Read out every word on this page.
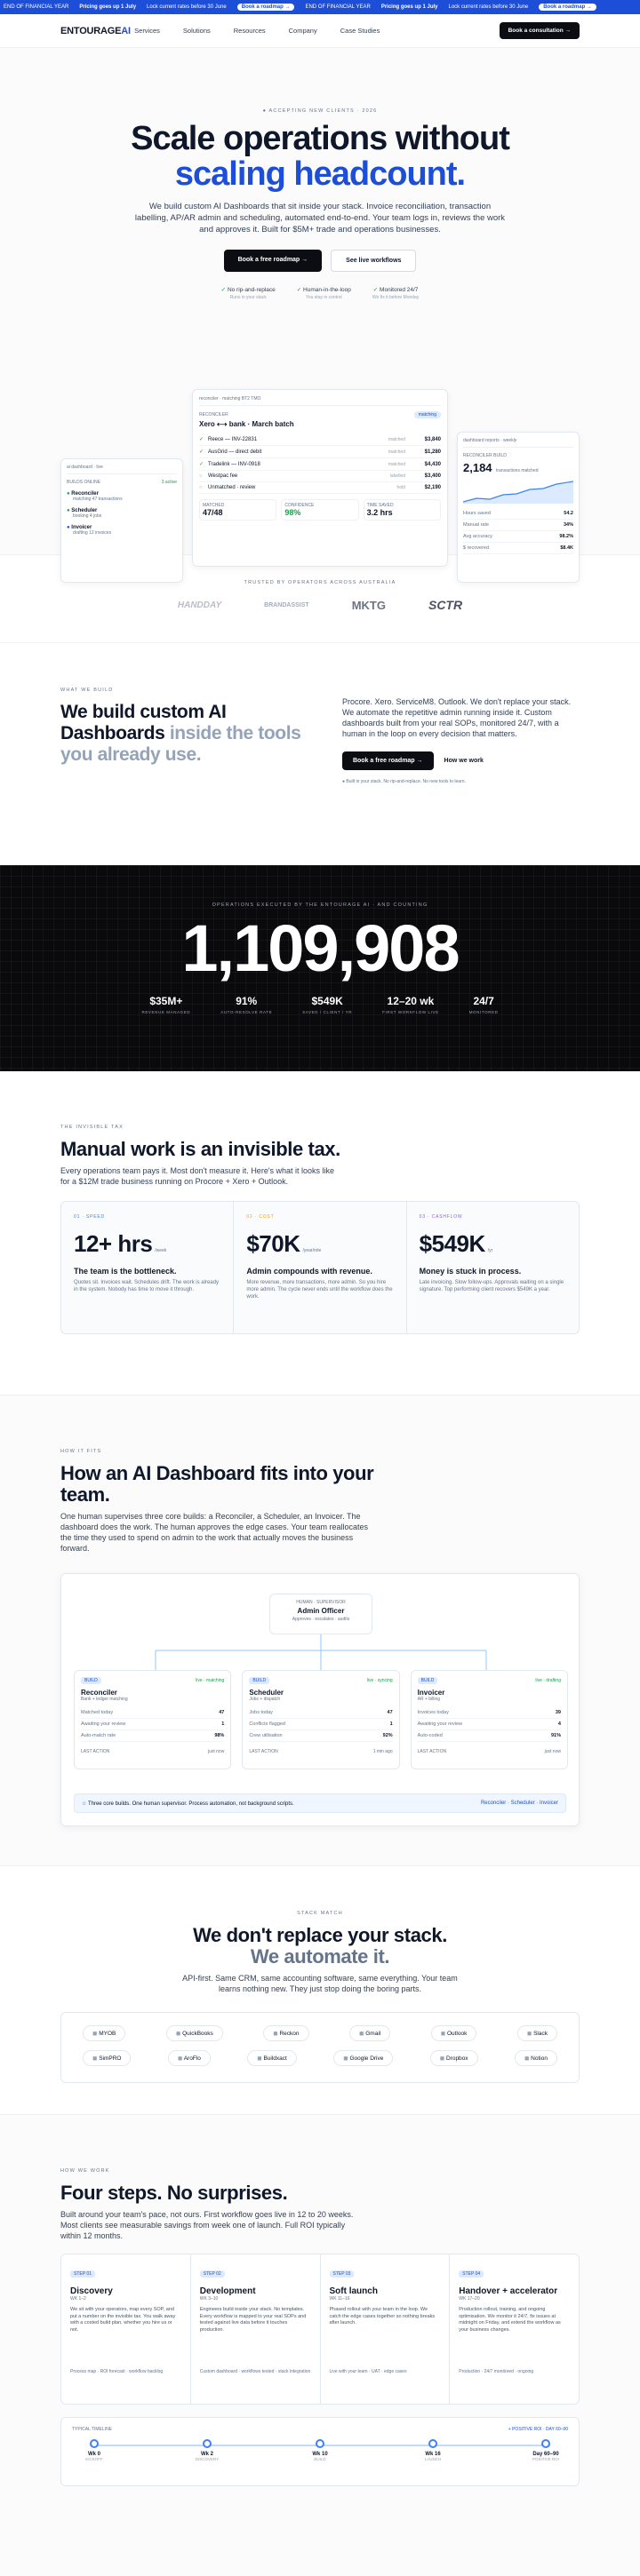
END OF FINANCIAL YEAR Pricing goes up 1 July Lock current rates before 30 June	Book a roadmap →	END OF FINANCIAL YEAR Pricing goes up 1 July Lock current rates before 30 June	Book a roadmap →
ENTOURAGEAI Services	Solutions	Resources	Company	Case Studies	Book a consultation →
● ACCEPTING NEW CLIENTS · 2026
Scale operations without
scaling headcount.

We build custom AI Dashboards that sit inside your stack. Invoice reconciliation, transaction labelling, AP/AR admin and scheduling, automated end-to-end. Your team logs in, reviews the work and approves it. Built for $5M+ trade and operations businesses.

Book a free roadmap →	See live workflows
✓ No rip-and-replace
Runs in your stack
✓ Human-in-the-loop
You stay in control
✓ Monitored 24/7
We fix it before Monday
ai dashboard · live
BUILDS ONLINE	3 active
● Reconciler
matching 47 transactions
● Scheduler
booking 4 jobs
● Invoicer
drafting 12 invoices
reconciler · matching BT2 TMO
RECONCILER	matching
Xero ⟷ bank · March batch
✓ Reece — INV-22831	matched	$3,840
✓ AusGrid — direct debit	matched	$1,280
✓ Tradelink — INV-0918	matched	$4,430
○	Westpac fee	labelled	$3,400
○	Unmatched · review	hold	$2,190
MATCHED
47/48
CONFIDENCE
98%
TIME SAVED
3.2 hrs
dashboard reports · weekly
RECONCILER BUILD
2,184 transactions matched
Hours saved	54.2
Manual rate	34%
Avg accuracy	98.2%
$ recovered	$8.4K
TRUSTED BY OPERATORS ACROSS AUSTRALIA
HANDDAY	BRANDASSIST	MKTG	SCTR
WHAT WE BUILD
We build custom AI Dashboards inside the tools you already use.

Procore. Xero. ServiceM8. Outlook. We don't replace your stack. We automate the repetitive admin running inside it. Custom dashboards built from your real SOPs, monitored 24/7, with a human in the loop on every decision that matters.

Book a free roadmap →	How we work
● Built in your stack. No rip-and-replace. No new tools to learn.
OPERATIONS EXECUTED BY THE ENTOURAGE AI · AND COUNTING
1,109,908
$35M+
REVENUE MANAGED
91%
AUTO-RESOLVE RATE
$549K
SAVED / CLIENT / YR
12–20 wk
FIRST WORKFLOW LIVE
24/7
MONITORED
THE INVISIBLE TAX
Manual work is an invisible tax.

Every operations team pays it. Most don't measure it. Here's what it looks like for a $12M trade business running on Procore + Xero + Outlook.

01 · SPEED
12+ hrs /week
The team is the bottleneck.
Quotes sit. Invoices wait. Schedules drift. The work is already in the system. Nobody has time to move it through.
02 · COST
$70K /year/role
Admin compounds with revenue.
More revenue, more transactions, more admin. So you hire more admin. The cycle never ends until the workflow does the work.
03 · CASHFLOW
$549K /yr
Money is stuck in process.
Late invoicing. Slow follow-ups. Approvals waiting on a single signature. Top performing client recovers $549K a year.
HOW IT FITS
How an AI Dashboard fits into your team.

One human supervises three core builds: a Reconciler, a Scheduler, an Invoicer. The dashboard does the work. The human approves the edge cases. Your team reallocates the time they used to spend on admin to the work that actually moves the business forward.

HUMAN · SUPERVISOR
Admin Officer
Approves · escalates · audits
BUILD	live · matching
Reconciler
Bank + ledger matching
Matched today	47
Awaiting your review	1
Auto-match rate	98%
LAST ACTION	just now
BUILD	live · syncing
Scheduler
Jobs + dispatch
Jobs today	47
Conflicts flagged	1
Crew utilisation	92%
LAST ACTION	1 min ago
BUILD	live · drafting
Invoicer
AR + billing
Invoices today	39
Awaiting your review	4
Auto-coded	91%
LAST ACTION	just now
☆ Three core builds. One human supervisor. Process automation, not background scripts.	Reconciler · Scheduler · Invoicer
STACK MATCH
We don't replace your stack.
We automate it.

API-first. Same CRM, same accounting software, same everything. Your team learns nothing new. They just stop doing the boring parts.

◼ MYOB	◼ QuickBooks	◼ Reckon	◼ Gmail	◼ Outlook	◼ Slack
◼ SimPRO	◼ AroFlo	◼ Buildxact	◼ Google Drive	◼ Dropbox	◼ Notion
HOW WE WORK
Four steps. No surprises.

Built around your team's pace, not ours. First workflow goes live in 12 to 20 weeks. Most clients see measurable savings from week one of launch. Full ROI typically within 12 months.

STEP 01
Discovery
WK 1–2
We sit with your operators, map every SOP, and put a number on the invisible tax. You walk away with a costed build plan, whether you hire us or not.
Process map · ROI forecast · workflow backlog
STEP 02
Development
WK 3–10
Engineers build inside your stack. No templates. Every workflow is mapped to your real SOPs and tested against live data before it touches production.
Custom dashboard · workflows tested · stack integration
STEP 03
Soft launch
WK 11–16
Phased rollout with your team in the loop. We catch the edge cases together so nothing breaks after launch.
Live with your team · UAT · edge cases
STEP 04
Handover + accelerator
WK 17–20
Production rollout, training, and ongoing optimisation. We monitor it 24/7, fix issues at midnight on Friday, and extend the workflow as your business changes.
Production · 24/7 monitored · ongoing
TYPICAL TIMELINE	+ POSITIVE ROI · DAY 60–90
Wk 0
KICKOFF
Wk 2
DISCOVERY
Wk 10
BUILD
Wk 16
LAUNCH
Day 60–90
POSITIVE ROI
